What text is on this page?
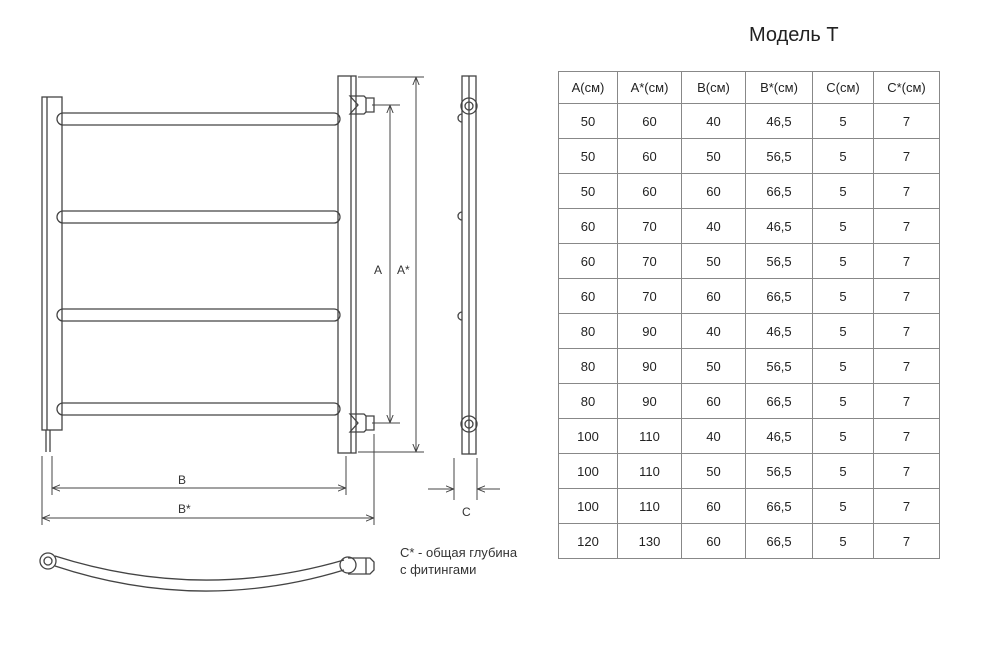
A A*
B
B*	C
Модель Т
A(см)	A*(см)	B(см)	B*(см)	C(см)	C*(см)
50	60	40	46,5	5	7
50	60	50	56,5	5	7
50	60	60	66,5	5	7
60	70	40	46,5	5	7
60	70	50	56,5	5	7
60	70	60	66,5	5	7
80	90	40	46,5	5	7
80	90	50	56,5	5	7
80	90	60	66,5	5	7
100	110	40	46,5	5	7
100	110	50	56,5	5	7
100	110	60	66,5	5	7
120	130	60	66,5	5	7
C* - общая глубина
с фитингами
